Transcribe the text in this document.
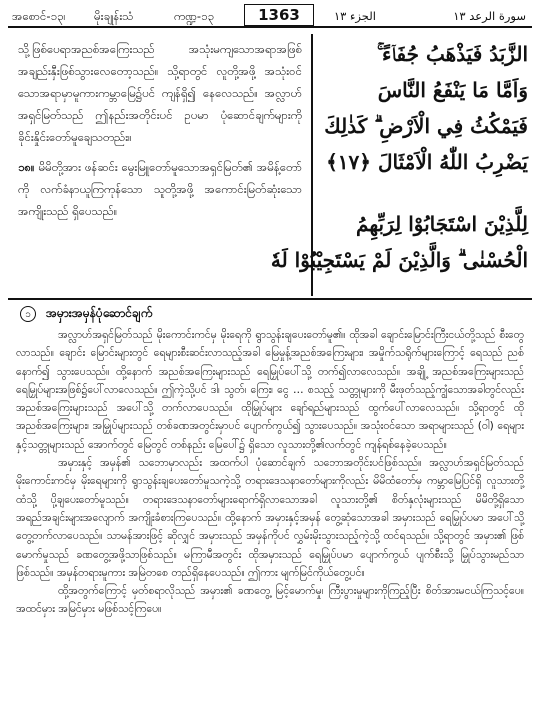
အစောင်-၁၃၊ မိုးချုန်းသံ	ကဏ္ဍ-၁၃	1363	الجزء ١٣	سورة الرعد ١٣

သို့ဖြစ်ပေရာအညစ်အကြေးသည် အသုံးမကျသောအရာအဖြစ် အချည်းနှီးဖြစ်သွားလေတော့သည်။ သို့ရာတွင် လူတို့အဖို့ အသုံးဝင်သောအရာမှာမူကားကမ္ဘာမြေ၌ပင် ကျန်ရှိ၍ နေလေသည်။ အလ္လာဟ်အရှင်မြတ်သည် ဤနည်းအတိုင်းပင် ဥပမာ ပုံဆောင်ချက်များကို ခိုင်းနှိုင်းတော်မူချေသတည်း။

၁၈။ မိမိတို့အား ဖန်ဆင်း မွေးမြူတော်မူသောအရှင်မြတ်၏ အမိန့်တော်ကို လက်ခံနာယူကြကုန်သော သူတို့အဖို့ အကောင်းမြတ်ဆုံးသောအကျိုးသည် ရှိပေသည်။

الزَّبَدُ فَيَذْهَبُ جُفَاۤءً ۚ
وَاَمَّا مَا يَنْفَعُ النَّاسَ
فَيَمْكُثُ فِي الْاَرْضِ ۗ كَذٰلِكَ
يَضْرِبُ اللّٰهُ الْاَمْثَالَ ﴿١٧﴾
لِلَّذِيْنَ اسْتَجَابُوْا لِرَبِّهِمُ
الْحُسْنٰى ۗ وَالَّذِيْنَ لَمْ يَسْتَجِيْبُوْا لَهٗ
၁	အမှားအမှန်ပုံဆောင်ချက်

အလ္လာဟ်အရှင်မြတ်သည် မိုးကောင်းကင်မှ မိုးရေကို ရွာသွန်းချပေးတော်မူ၏။ ထိုအခါ ချောင်းမြောင်းကြီးငယ်တို့သည် စီးတွေလာသည်။ ချောင်း မြောင်းများတွင် ရေများစီးဆင်းလာသည့်အခါ မြေမှုန့်အညစ်အကြေးများ၊ အမှိုက်သရိုက်များကြောင့် ရေသည် ညစ်နောက်၍ သွားပေသည်။ ထို့နောက် အညစ်အကြေးများသည် ရေမြှုပ်ပေါ်သို့ တက်၍လာလေသည်။ အချို့ အညစ်အကြေးများသည် ရေမြှုပ်များအဖြစ်၌ပေါ်လာလေသည်။ ဤကဲ့သို့ပင် ဒါ၊ သွတ်၊ ကြေး၊ ငွေ … စသည့် သတ္တုများကို မီးဖုတ်သည့်ကျွံသောအခါတွင်လည်း အညစ်အကြေးများသည် အပေါ်သို့ တက်လာပေသည်။ ထိုမြှုပ်များ ချော်ရည်များသည် ထွက်ပေါ်လာလေသည်။ သို့ရာတွင် ထိုအညစ်အကြေးများ၊ အမြှုပ်များသည် တစ်ခဏအတွင်းမှာပင် ပျောက်ကွယ်၍ သွားပေသည်။ အသုံးဝင်သော အရာများသည် (ဝါ) ရေများနှင့်သတ္တုများသည် အောက်တွင် မြေတွင် တစ်နည်း မြေပေါ်၌ ရှိသော လူသားတို့၏လက်တွင် ကျန်ရစ်နေခဲ့ပေသည်။

အမှားနှင့် အမှန်၏ သဘောမှာလည်း အထက်ပါ ပုံဆောင်ချက် သဘောအတိုင်းပင်ဖြစ်သည်။ အလ္လာဟ်အရှင်မြတ်သည် မိုးကောင်းကင်မှ မိုးရေများကို ရွာသွန်းချပေးတော်မူသကဲ့သို့ တရားဒေသနာတော်များကိုလည်း မိမိထံတော်မှ ကမ္ဘာမြေပြင်ရှိ လူသားတို့ထံသို့ ပို့ချပေးတော်မူသည်။ တရားဒေသနာတော်များရောက်ရှိလာသောအခါ လူသားတို့၏ စိတ်နှလုံးများသည် မိမိတို့ရှိသော အရည်အချင်းများအလျောက် အကျိုးခံစားကြပေသည်။ ထို့နောက် အမှားနှင့်အမှန် တွေ့ဆုံသောအခါ အမှားသည် ရေမြှုပ်ပမာ အပေါ်သို့ တွေ့တက်လာပေသည်။ သာမန်အားဖြင့် ဆိုလျှင် အမှားသည် အမှန်ကိုပင် လွှမ်းမိုးသွားသည့်ကဲ့သို့ ထင်ရသည်။ သို့ရာတွင် အမှား၏ ဖြစ်မောက်မှုသည် ခဏတွေ့အဖို့သာဖြစ်သည်။ မကြာမီအတွင်း ထိုအမှားသည် ရေမြှုပ်ပမာ ပျောက်ကွယ် ပျက်စီးသို့ မြှုပ်သွားမည်သာဖြစ်သည်။ အမှန်တရားမူကား အမြဲတစေ တည်ရှိနေပေသည်။ ဤကား မျက်မြင်ကိုယ်တွေ့ပင်။

ထို့အတွက်ကြောင့် မှတ်စရာလိုသည် အမှား၏ ခဏတွေ့ မြင့်မောက်မှု၊ ကြီးပွားမှုများကိုကြည့်ပြီး စိတ်အားမငယ်ကြသင့်ပေ။ အထင်မှား အမြင်မှား မဖြစ်သင့်ကြပေ။
